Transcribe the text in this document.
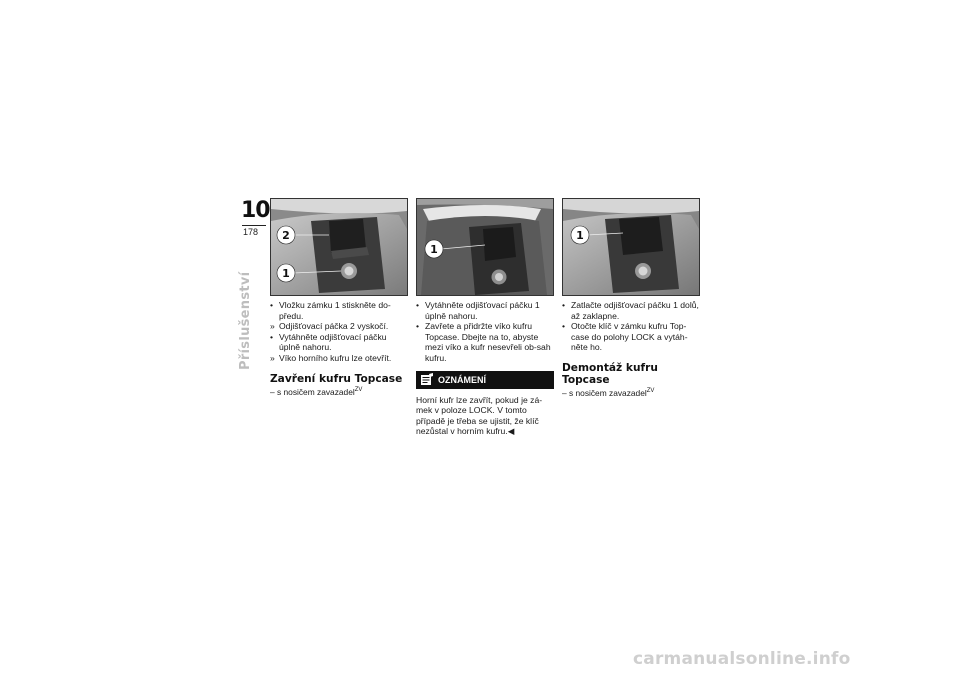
10
178
Příslušenství
2
1
• Vložku zámku 1 stiskněte do-předu.
» Odjišťovací páčka 2 vyskočí.
• Vytáhněte odjišťovací páčku úplně nahoru.
» Víko horního kufru lze otevřít.
Zavření kufru Topcase
– s nosičem zavazadel$^{ZV}$
1
• Vytáhněte odjišťovací páčku 1 úplně nahoru.
• Zavřete a přidržte víko kufru Topcase. Dbejte na to, abyste mezi víko a kufr nesevřeli ob-sah kufru.
OZNÁMENÍ
Horní kufr lze zavřít, pokud je zá-mek v poloze LOCK. V tomto případě je třeba se ujistit, že klíč nezůstal v horním kufru.◀
1
• Zatlačte odjišťovací páčku 1 dolů, až zaklapne.
• Otočte klíč v zámku kufru Top-case do polohy LOCK a vytáh-něte ho.
Demontáž kufru Topcase
– s nosičem zavazadel$^{ZV}$
carmanualsonline.info
